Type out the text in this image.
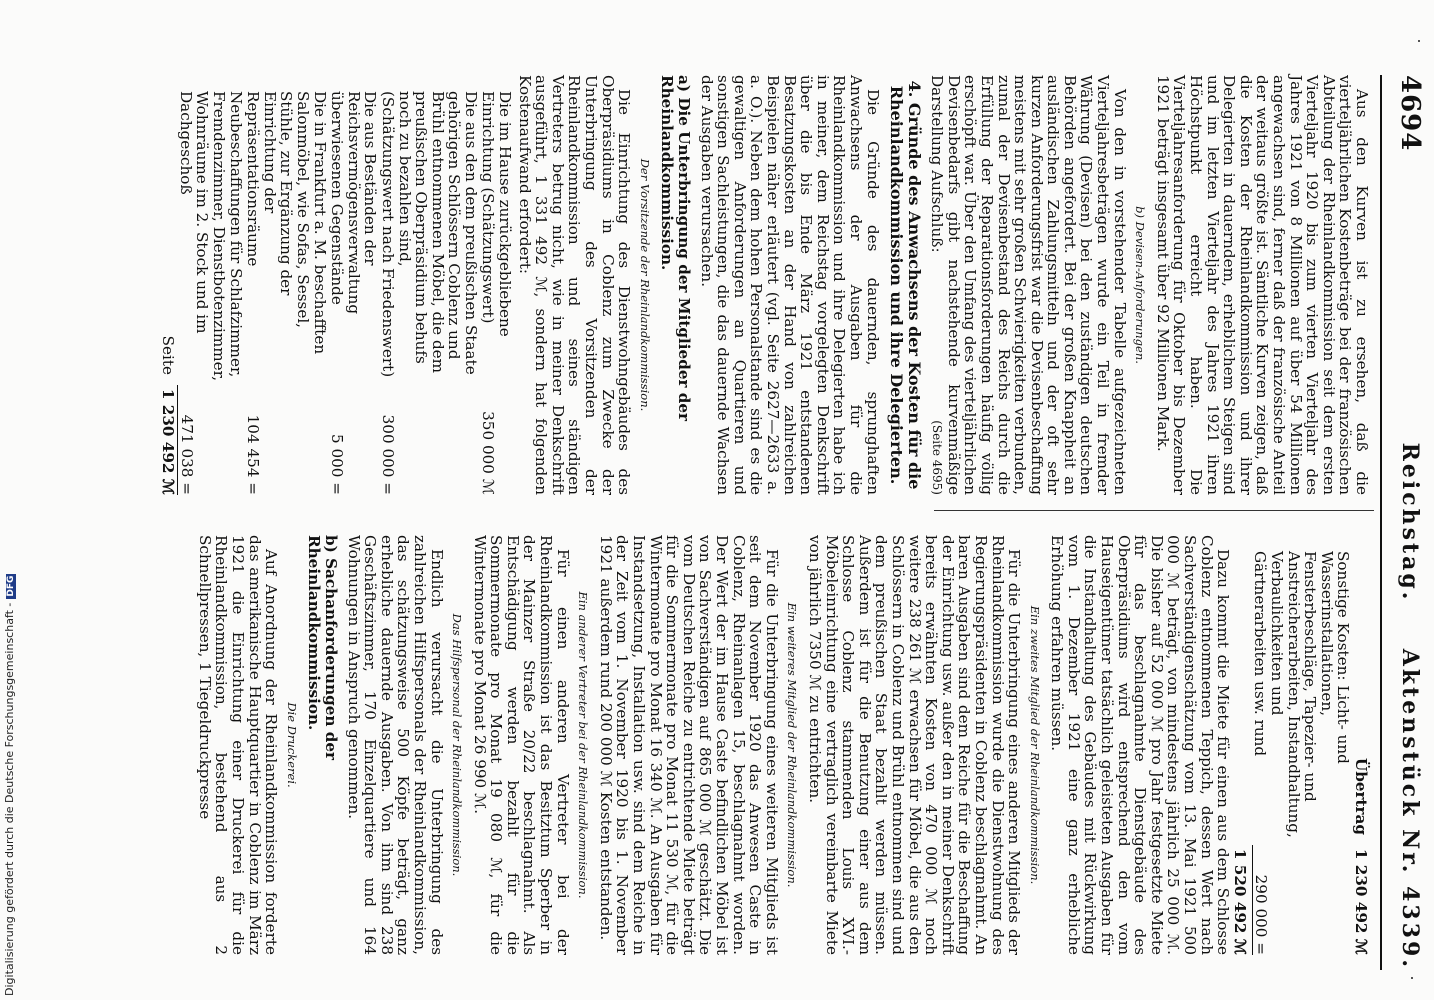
4694
Reichstag.
Aktenstück Nr. 4339.

Aus den Kurven ist zu ersehen, daß die vierteljährlichen Kostenbeträge bei der französischen Abteilung der Rheinlandkommission seit dem ersten Vierteljahr 1920 bis zum vierten Vierteljahr des Jahres 1921 von 8 Millionen auf über 54 Millionen angewachsen sind, ferner daß der französische Anteil der weitaus größte ist. Sämtliche Kurven zeigen, daß die Kosten der Rheinlandkommission und ihrer Delegierten in dauerndem, erheblichem Steigen sind und im letzten Vierteljahr des Jahres 1921 ihren Höchstpunkt erreicht haben. Die Vierteljahresanforderung für Oktober bis Dezember 1921 beträgt insgesamt über 92 Millionen Mark.

b) Devisen-Anforderungen.

Von den in vorstehender Tabelle aufgezeichneten Vierteljahresbeträgen wurde ein Teil in fremder Währung (Devisen) bei den zuständigen deutschen Behörden angefordert. Bei der großen Knappheit an ausländischen Zahlungsmitteln und der oft sehr kurzen Anforderungsfrist war die Devisenbeschaffung meistens mit sehr großen Schwierigkeiten verbunden, zumal der Devisenbestand des Reichs durch die Erfüllung der Reparationsforderungen häufig völlig erschöpft war. Über den Umfang des vierteljährlichen Devisenbedarfs gibt nachstehende kurvenmäßige Darstellung Aufschluß:
(Seite 4695)

4. Gründe des Anwachsens der Kosten für die Rheinlandkommission und ihre Delegierten.

Die Gründe des dauernden, sprunghaften Anwachsens der Ausgaben für die Rheinlandkommission und ihre Delegierten habe ich in meiner, dem Reichstag vorgelegten Denkschrift über die bis Ende März 1921 entstandenen Besatzungskosten an der Hand von zahlreichen Beispielen näher erläutert (vgl. Seite 2627—2633 a. a. O.). Neben dem hohen Personalstande sind es die gewaltigen Anforderungen an Quartieren und sonstigen Sachleistungen, die das dauernde Wachsen der Ausgaben verursachen.

a) Die Unterbringung der Mitglieder der Rheinlandkommission.
Der Vorsitzende der Rheinlandkommission.

Die Einrichtung des Dienstwohngebäudes des Oberpräsidiums in Coblenz zum Zwecke der Unterbringung des Vorsitzenden der Rheinlandkommission und seines ständigen Vertreters betrug nicht, wie in meiner Denkschrift ausgeführt, 1 331 492 ℳ, sondern hat folgenden Kostenaufwand erfordert:

Die im Hause zurückgebliebene Einrichtung (Schätzungswert)
350 000 ℳ
Die aus den dem preußischen Staate gehörigen Schlössern Coblenz und Brühl entnommenen Möbel, die dem preußischen Oberpräsidium behufs noch zu bezahlen sind, (Schätzungswert nach Friedenswert)
300 000 =
Die aus Beständen der Reichsvermögensverwaltung überwiesenen Gegenstände
5 000 =
Die in Frankfurt a. M. beschafften Salonmöbel, wie Sofas, Sessel, Stühle, zur Ergänzung der Einrichtung der Repräsentationsräume
104 454 =
Neubeschaffungen für Schlafzimmer, Fremdenzimmer, Dienstbotenzimmer, Wohnräume im 2. Stock und im Dachgeschoß
471 038 =
Seite
1 230 492 ℳ
Übertrag
1 230 492 ℳ
Sonstige Kosten: Licht- und Wasserinstallationen, Fensterbeschläge, Tapezier- und Anstreicherarbeiten, Instandhaltung, Verbaulichkeiten und Gärtnerarbeiten usw. rund
290 000 =
1 520 492 ℳ

Dazu kommt die Miete für einen aus dem Schlosse Coblenz entnommenen Teppich, dessen Wert nach Sachverständigenschätzung vom 13. Mai 1921 500 000 ℳ beträgt, von mindestens jährlich 25 000 ℳ. Die bisher auf 52 000 ℳ pro Jahr festgesetzte Miete für das beschlagnahmte Dienstgebäude des Oberpräsidiums wird entsprechend den vom Hauseigentümer tatsächlich geleisteten Ausgaben für die Instandhaltung des Gebäudes mit Rückwirkung vom 1. Dezember 1921 eine ganz erhebliche Erhöhung erfahren müssen.

Ein zweites Mitglied der Rheinlandkommission.

Für die Unterbringung eines anderen Mitglieds der Rheinlandkommission wurde die Dienstwohnung des Regierungspräsidenten in Coblenz beschlagnahmt. An baren Ausgaben sind dem Reiche für die Beschaffung der Einrichtung usw. außer den in meiner Denkschrift bereits erwähnten Kosten von 470 000 ℳ noch weitere 238 261 ℳ erwachsen für Möbel, die aus den Schlössern in Coblenz und Brühl entnommen sind und dem preußischen Staat bezahlt werden müssen. Außerdem ist für die Benutzung einer aus dem Schlosse Coblenz stammenden Louis XVI.-Möbeleinrichtung eine vertraglich vereinbarte Miete von jährlich 7350 ℳ zu entrichten.

Ein weiteres Mitglied der Rheinlandkommission.

Für die Unterbringung eines weiteren Mitglieds ist seit dem November 1920 das Anwesen Caste in Coblenz, Rheinanlagen 15, beschlagnahmt worden. Der Wert der im Hause Caste befindlichen Möbel ist von Sachverständigen auf 865 000 ℳ geschätzt. Die vom Deutschen Reiche zu entrichtende Miete beträgt für die Sommermonate pro Monat 11 530 ℳ, für die Wintermonate pro Monat 16 340 ℳ. An Ausgaben für Instandsetzung, Installation usw. sind dem Reiche in der Zeit vom 1. November 1920 bis 1. November 1921 außerdem rund 200 000 ℳ Kosten entstanden.

Ein anderer Vertreter bei der Rheinlandkommission.

Für einen anderen Vertreter bei der Rheinlandkommission ist das Besitztum Sperber in der Mainzer Straße 20/22 beschlagnahmt. Als Entschädigung werden bezahlt für die Sommermonate pro Monat 19 080 ℳ, für die Wintermonate pro Monat 26 990 ℳ.

Das Hilfspersonal der Rheinlandkommission.

Endlich verursacht die Unterbringung des zahlreichen Hilfspersonals der Rheinlandkommission, das schätzungsweise 500 Köpfe beträgt, ganz erhebliche dauernde Ausgaben. Von ihm sind 238 Geschäftszimmer, 170 Einzelquartiere und 164 Wohnungen in Anspruch genommen.

b) Sachanforderungen der Rheinlandkommission.
Die Druckerei.

Auf Anordnung der Rheinlandkommission forderte das amerikanische Hauptquartier in Coblenz im März 1921 die Einrichtung einer Druckerei für die Rheinlandkommission, bestehend aus 2 Schnellpressen, 1 Tiegeldruckpresse

Digitalisierung gefördert durch die Deutsche Forschungsgemeinschaft -DFG
